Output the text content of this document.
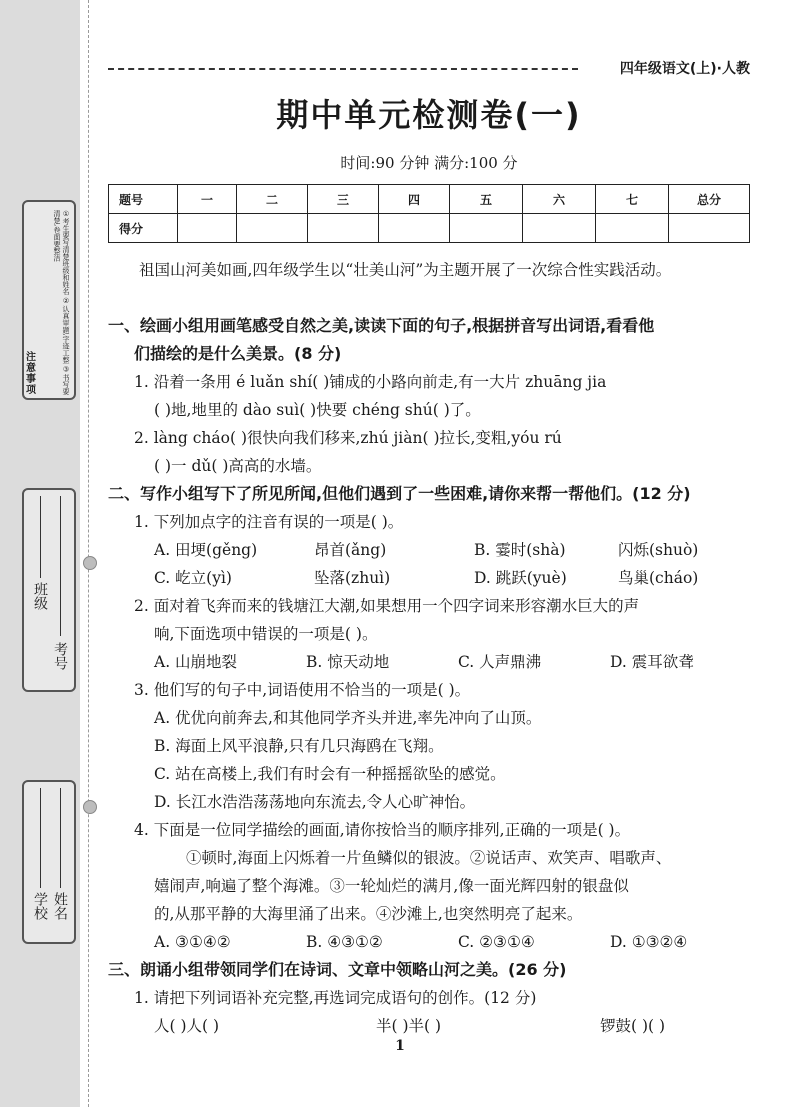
①考生要写清楚班级和姓名 ②认真审题,字迹工整 ③书写要清楚,卷面要整洁
注意事项
班级
考号
学校 姓名
四年级语文(上)·人教
期中单元检测卷(一)
时间:90 分钟 满分:100 分
题号	一	二	三	四	五	六	七	总分
得分								
祖国山河美如画,四年级学生以“壮美山河”为主题开展了一次综合性实践活动。
一、绘画小组用画笔感受自然之美,读读下面的句子,根据拼音写出词语,看看他
们描绘的是什么美景。(8 分)
1. 沿着一条用 é luǎn shí( )铺成的小路向前走,有一大片 zhuāng jia
( )地,地里的 dào suì( )快要 chéng shú( )了。
2. làng cháo( )很快向我们移来,zhú jiàn( )拉长,变粗,yóu rú
( )一 dǔ( )高高的水墙。
二、写作小组写下了所见所闻,但他们遇到了一些困难,请你来帮一帮他们。(12 分)
1. 下列加点字的注音有误的一项是( )。
A. 田埂(gěng)	昂首(ǎng)	B. 霎时(shà)	闪烁(shuò)
C. 屹立(yì)	坠落(zhuì)	D. 跳跃(yuè)	鸟巢(cháo)
2. 面对着飞奔而来的钱塘江大潮,如果想用一个四字词来形容潮水巨大的声
响,下面选项中错误的一项是( )。
A. 山崩地裂	B. 惊天动地	C. 人声鼎沸	D. 震耳欲聋
3. 他们写的句子中,词语使用不恰当的一项是( )。
A. 优优向前奔去,和其他同学齐头并进,率先冲向了山顶。
B. 海面上风平浪静,只有几只海鸥在飞翔。
C. 站在高楼上,我们有时会有一种摇摇欲坠的感觉。
D. 长江水浩浩荡荡地向东流去,令人心旷神怡。
4. 下面是一位同学描绘的画面,请你按恰当的顺序排列,正确的一项是( )。
①顿时,海面上闪烁着一片鱼鳞似的银波。②说话声、欢笑声、唱歌声、
嬉闹声,响遍了整个海滩。③一轮灿烂的满月,像一面光辉四射的银盘似
的,从那平静的大海里涌了出来。④沙滩上,也突然明亮了起来。
A. ③①④②	B. ④③①②	C. ②③①④	D. ①③②④
三、朗诵小组带领同学们在诗词、文章中领略山河之美。(26 分)
1. 请把下列词语补充完整,再选词完成语句的创作。(12 分)
人( )人( )	半( )半( )	锣鼓( )( )
1
